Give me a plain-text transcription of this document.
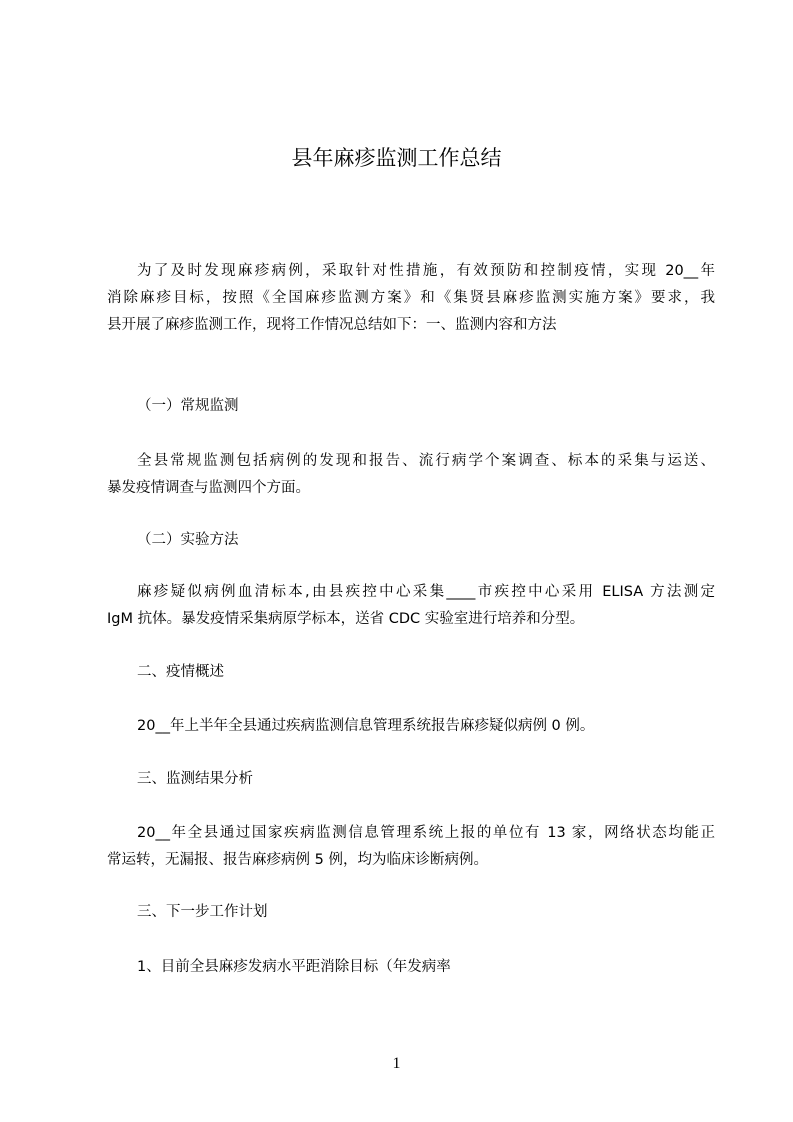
县年麻疹监测工作总结
为了及时发现麻疹病例，采取针对性措施，有效预防和控制疫情，实现 20__年
消除麻疹目标，按照《全国麻疹监测方案》和《集贤县麻疹监测实施方案》要求，我
县开展了麻疹监测工作，现将工作情况总结如下：一、监测内容和方法
（一）常规监测
全县常规监测包括病例的发现和报告、流行病学个案调查、标本的采集与运送、
暴发疫情调查与监测四个方面。
（二）实验方法
麻疹疑似病例血清标本,由县疾控中心采集____市疾控中心采用 ELISA 方法测定
IgM 抗体。暴发疫情采集病原学标本，送省 CDC 实验室进行培养和分型。
二、疫情概述
20__年上半年全县通过疾病监测信息管理系统报告麻疹疑似病例 0 例。
三、监测结果分析
20__年全县通过国家疾病监测信息管理系统上报的单位有 13 家，网络状态均能正
常运转，无漏报、报告麻疹病例 5 例，均为临床诊断病例。
三、下一步工作计划
1、目前全县麻疹发病水平距消除目标（年发病率
1
